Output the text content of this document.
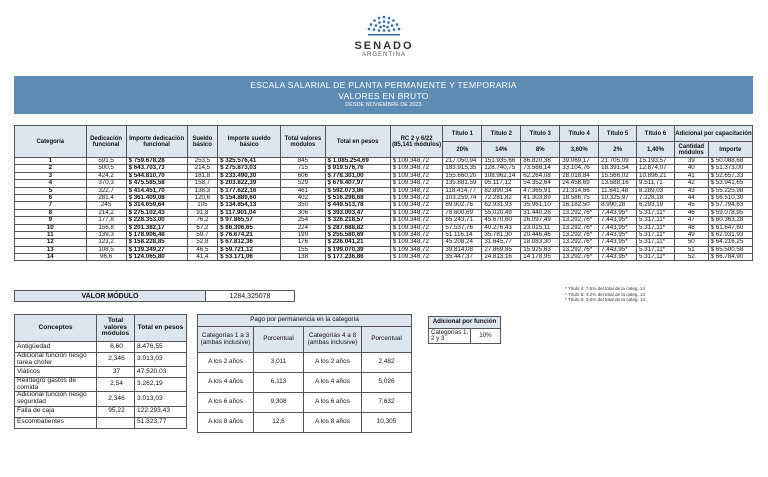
SENADO
ARGENTINA
ESCALA SALARIAL DE PLANTA PERMANENTE Y TEMPORARIA
VALORES EN BRUTO
DESDE NOVIEMBRE DE 2023
Categoría	Dedicación funcional	Importe dedicación funcional	Sueldo básico	Importe sueldo básico	Total valores módulos	Total en pesos	RC 2 y 6/22 (85,141 módulos)	Título 1	Título 2	Título 3	Título 4	Título 5	Título 6	Adicional por capacitación	
								20%	14%	8%	3,60%	2%	1,40%	Cantidad módulos	Importe
1	591,5	$ 759.678,28	253,5	$ 325.576,41	845	$ 1.085.254,69	$ 109.348,72	217.050,94	151.935,66	86.820,38	39.069,17	21.705,09	15.193,57	39	$ 50.088,68
2	500,5	$ 643.703,73	214,5	$ 275.873,03	715	$ 919.576,76	$ 109.348,72	183.915,35	128.740,75	73.566,14	33.104,76	18.391,54	12.874,07	40	$ 51.373,00
3	424,2	$ 544.810,70	181,8	$ 233.490,30	606	$ 778.301,00	$ 109.348,72	155.660,20	108.962,14	62.264,08	28.018,84	15.566,02	10.896,21	41	$ 52.657,33
4	370,3	$ 475.585,58	158,7	$ 203.822,39	529	$ 679.407,97	$ 109.348,72	135.881,59	95.117,12	54.352,64	24.458,69	13.588,16	9.511,71	42	$ 53.941,65
5	322,7	$ 414.451,70	138,3	$ 177.622,16	461	$ 592.073,86	$ 109.348,72	118.414,77	82.890,34	47.365,91	21.314,66	11.841,48	8.289,03	43	$ 55.225,98
6	281,4	$ 361.409,08	120,6	$ 154.889,60	402	$ 516.298,68	$ 109.348,72	103.259,74	72.281,82	41.303,89	18.586,75	10.325,97	7.228,18	44	$ 56.510,30
7	245	$ 314.659,64	105	$ 134.854,13	350	$ 449.513,78	$ 109.348,72	89.902,76	62.931,93	35.961,10	16.182,50	8.990,28	6.293,19	45	$ 57.794,63
8	214,2	$ 275.102,43	91,8	$ 117.901,04	306	$ 393.003,47	$ 109.348,72	78.600,69	55.020,49	31.440,28	13.292,76*	7.443,95*	5.317,11*	46	$ 59.078,95
9	177,8	$ 228.353,00	76,2	$ 97.865,57	254	$ 326.218,57	$ 109.348,72	65.243,71	45.670,60	26.097,49	13.292,76*	7.443,95*	5.317,11*	47	$ 60.363,28
10	156,8	$ 201.382,17	67,2	$ 86.306,65	224	$ 287.688,82	$ 109.348,72	57.537,76	40.276,43	23.015,11	13.292,76*	7.443,95*	5.317,11*	48	$ 61.647,60
11	139,3	$ 178.906,48	59,7	$ 76.674,21	199	$ 255.580,69	$ 109.348,72	51.116,14	35.781,30	20.446,46	13.292,76*	7.443,95*	5.317,11*	49	$ 62.931,93
12	123,2	$ 158.228,85	52,8	$ 67.812,36	176	$ 226.041,21	$ 109.348,72	45.208,24	31.645,77	18.083,30	13.292,76*	7.443,95*	5.317,11*	50	$ 64.216,25
13	108,5	$ 139.349,27	46,5	$ 59.721,12	155	$ 199.070,39	$ 109.348,72	39.814,08	27.869,85	15.925,63	13.292,76*	7.443,95*	5.317,11*	51	$ 65.500,58
14	96,6	$ 124.065,80	41,4	$ 53.171,06	138	$ 177.236,86	$ 109.348,72	35.447,37	24.813,16	14.178,95	13.292,76*	7.443,95*	5.317,11*	52	$ 66.784,90
* Título 4: 7,5% del total de la categ. 14
* Título 5: 4,2% del total de la categ. 14
* Título 6: 3,0% del total de la categ. 14
VALOR MÓDULO	1284,325078
Conceptos	Total valores módulos	Total en pesos
Antigüedad	6,60	8.476,55
Adicional función riesgo tarea chofer	2,346	3.013,03
Viáticos	37	47.520,03
Reintegro gastos de comida	2,54	3.262,19
Adicional función riesgo seguridad	2,346	3.013,03
Falla de caja	95,22	122.293,43
Escombatientes		51.323,77
Pago por permanencia en la categoría			
Categorías 1 a 3 (ambas inclusive)	Porcentual	Categorías 4 a 8 (ambas inclusive)	Porcentual
A los 2 años	3,011	A los 2 años	2,482
A los 4 años	6,113	A los 4 años	5,026
A los 6 años	9,308	A los 6 años	7,632
A los 8 años	12,6	A los 8 años	10,305
Adicional por función
Categorías 1, 2 y 3	10%
